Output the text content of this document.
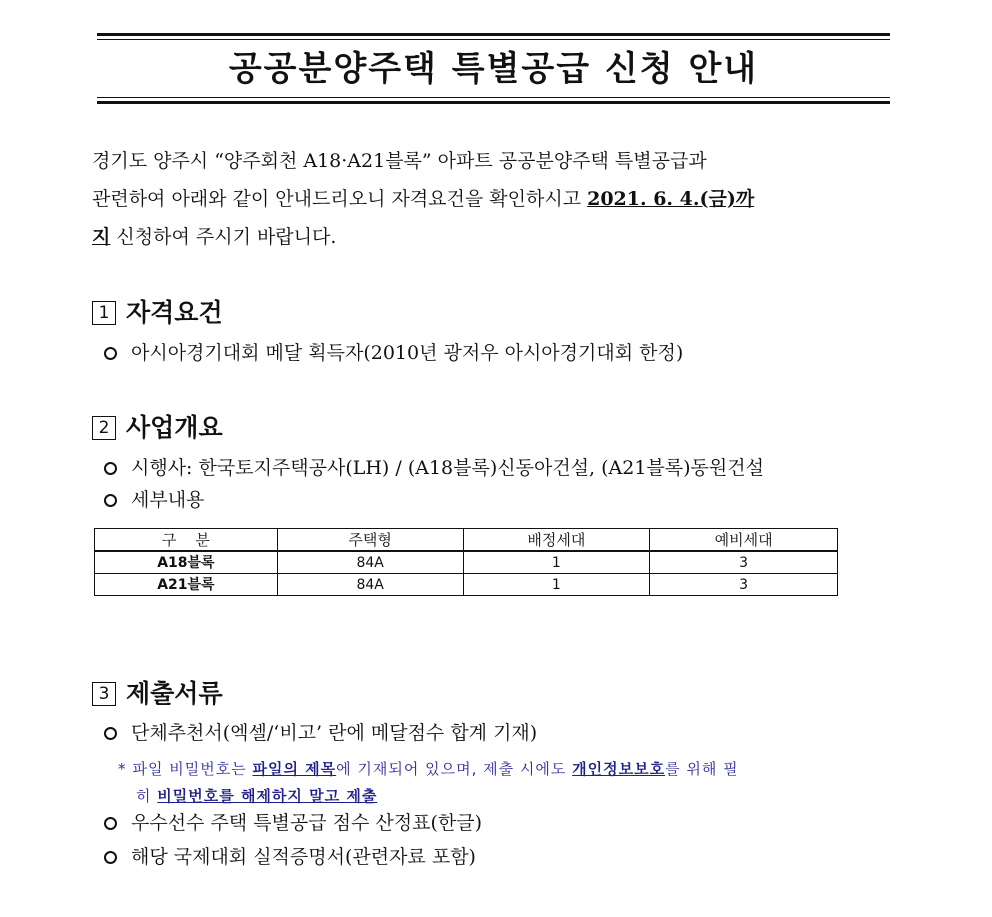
공공분양주택 특별공급 신청 안내

경기도 양주시 “양주회천 A18·A21블록” 아파트 공공분양주택 특별공급과

관련하여 아래와 같이 안내드리오니 자격요건을 확인하시고 2021. 6. 4.(금)까

지 신청하여 주시기 바랍니다.

1 자격요건
아시아경기대회 메달 획득자(2010년 광저우 아시아경기대회 한정)
2 사업개요
시행사: 한국토지주택공사(LH) / (A18블록)신동아건설, (A21블록)동원건설
세부내용
구    분	주택형	배정세대	예비세대
A18블록	84A	1	3
A21블록	84A	1	3
3 제출서류
단체추천서(엑셀/‘비고’ 란에 메달점수 합계 기재)
* 파일 비밀번호는 파일의 제목에 기재되어 있으며, 제출 시에도 개인정보보호를 위해 필
히 비밀번호를 해제하지 말고 제출
우수선수 주택 특별공급 점수 산정표(한글)
해당 국제대회 실적증명서(관련자료 포함)
